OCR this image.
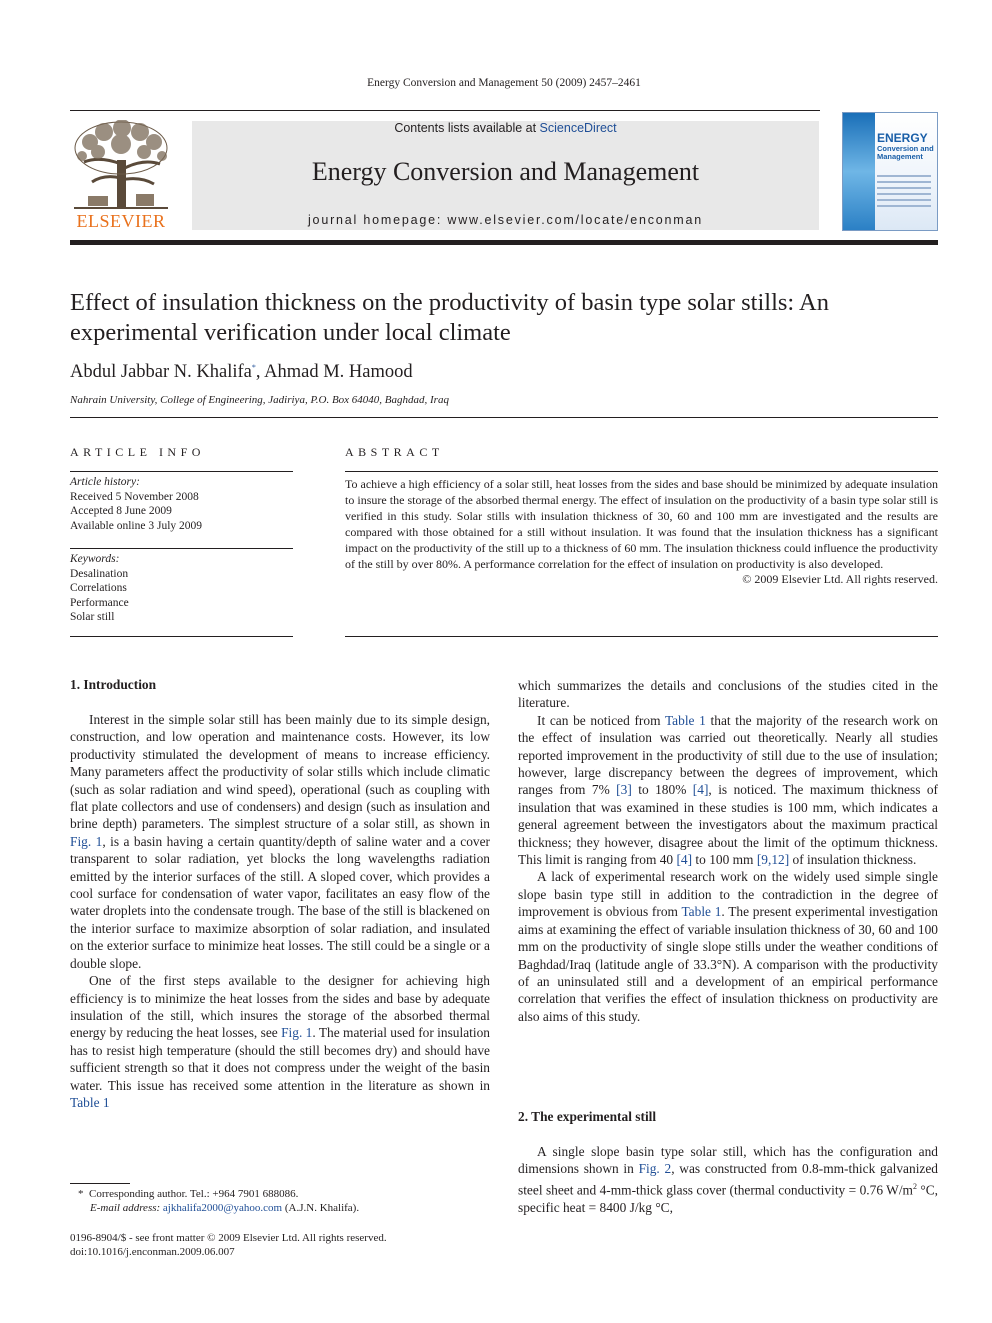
Energy Conversion and Management 50 (2009) 2457–2461
ELSEVIER
Contents lists available at ScienceDirect
Energy Conversion and Management
journal homepage: www.elsevier.com/locate/enconman
ENERGY
Conversion and Management
Effect of insulation thickness on the productivity of basin type solar stills: An experimental verification under local climate
Abdul Jabbar N. Khalifa*, Ahmad M. Hamood
Nahrain University, College of Engineering, Jadiriya, P.O. Box 64040, Baghdad, Iraq
ARTICLE INFO	ABSTRACT
Article history:
Received 5 November 2008
Accepted 8 June 2009
Available online 3 July 2009
Keywords:
Desalination
Correlations
Performance
Solar still
To achieve a high efficiency of a solar still, heat losses from the sides and base should be minimized by adequate insulation to insure the storage of the absorbed thermal energy. The effect of insulation on the productivity of a basin type solar still is verified in this study. Solar stills with insulation thickness of 30, 60 and 100 mm are investigated and the results are compared with those obtained for a still without insulation. It was found that the insulation thickness has a significant impact on the productivity of the still up to a thickness of 60 mm. The insulation thickness could influence the productivity of the still by over 80%. A performance correlation for the effect of insulation on productivity is also developed.
© 2009 Elsevier Ltd. All rights reserved.
1. Introduction

Interest in the simple solar still has been mainly due to its simple design, construction, and low operation and maintenance costs. However, its low productivity stimulated the development of means to increase efficiency. Many parameters affect the productivity of solar stills which include climatic (such as solar radiation and wind speed), operational (such as coupling with flat plate collectors and use of condensers) and design (such as insulation and brine depth) parameters. The simplest structure of a solar still, as shown in Fig. 1, is a basin having a certain quantity/depth of saline water and a cover transparent to solar radiation, yet blocks the long wavelengths radiation emitted by the interior surfaces of the still. A sloped cover, which provides a cool surface for condensation of water vapor, facilitates an easy flow of the water droplets into the condensate trough. The base of the still is blackened on the interior surface to maximize absorption of solar radiation, and insulated on the exterior surface to minimize heat losses. The still could be a single or a double slope.

One of the first steps available to the designer for achieving high efficiency is to minimize the heat losses from the sides and base by adequate insulation of the still, which insures the storage of the absorbed thermal energy by reducing the heat losses, see Fig. 1. The material used for insulation has to resist high temperature (should the still becomes dry) and should have sufficient strength so that it does not compress under the weight of the basin water. This issue has received some attention in the literature as shown in Table 1

which summarizes the details and conclusions of the studies cited in the literature.

It can be noticed from Table 1 that the majority of the research work on the effect of insulation was carried out theoretically. Nearly all studies reported improvement in the productivity of still due to the use of insulation; however, large discrepancy between the degrees of improvement, which ranges from 7% [3] to 180% [4], is noticed. The maximum thickness of insulation that was examined in these studies is 100 mm, which indicates a general agreement between the investigators about the maximum practical thickness; they however, disagree about the limit of the optimum thickness. This limit is ranging from 40 [4] to 100 mm [9,12] of insulation thickness.

A lack of experimental research work on the widely used simple single slope basin type still in addition to the contradiction in the degree of improvement is obvious from Table 1. The present experimental investigation aims at examining the effect of variable insulation thickness of 30, 60 and 100 mm on the productivity of single slope stills under the weather conditions of Baghdad/Iraq (latitude angle of 33.3°N). A comparison with the productivity of an uninsulated still and a development of an empirical performance correlation that verifies the effect of insulation thickness on productivity are also aims of this study.

2. The experimental still

A single slope basin type solar still, which has the configuration and dimensions shown in Fig. 2, was constructed from 0.8-mm-thick galvanized steel sheet and 4-mm-thick glass cover (thermal conductivity = 0.76 $W/m^2$ °C, specific heat = 8400 J/kg °C,

* Corresponding author. Tel.: +964 7901 688086.
E-mail address: ajkhalifa2000@yahoo.com (A.J.N. Khalifa).
0196-8904/$ - see front matter © 2009 Elsevier Ltd. All rights reserved.
doi:10.1016/j.enconman.2009.06.007
